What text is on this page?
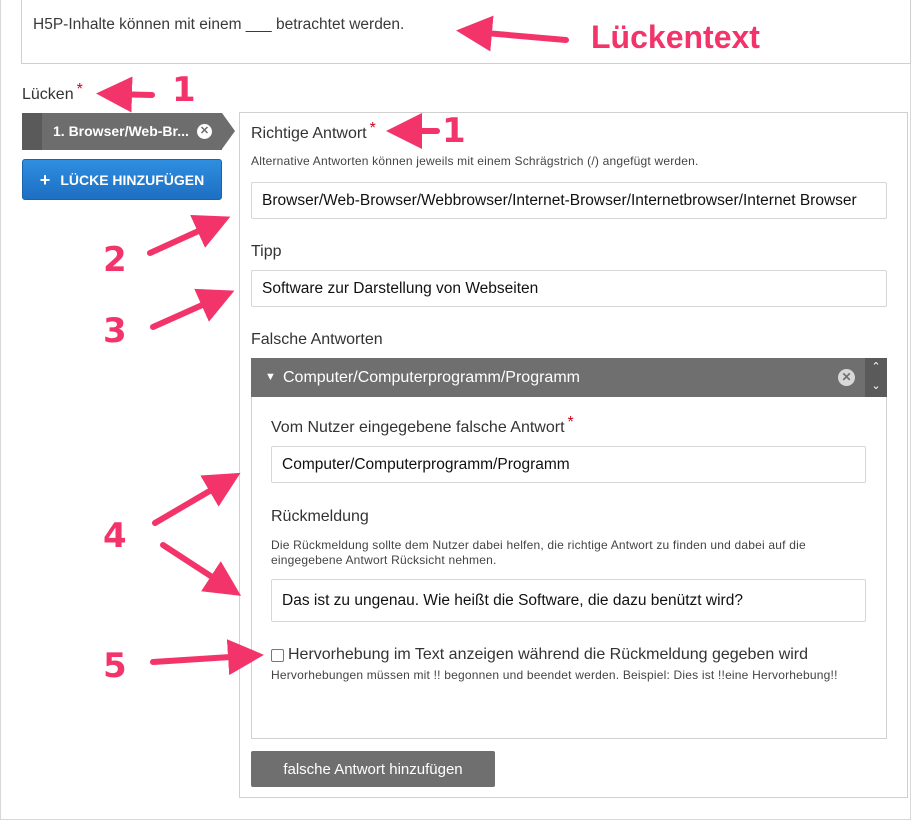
H5P-Inhalte können mit einem ___ betrachtet werden.
Lücken *
1. Browser/Web-Br... ✕
+ LÜCKE HINZUFÜGEN
Richtige Antwort *
Alternative Antworten können jeweils mit einem Schrägstrich (/) angefügt werden.
Browser/Web-Browser/Webbrowser/Internet-Browser/Internetbrowser/Internet Browser
Tipp
Software zur Darstellung von Webseiten
Falsche Antworten
▼ Computer/Computerprogramm/Programm	✕
⌃
⌄
Vom Nutzer eingegebene falsche Antwort *
Computer/Computerprogramm/Programm
Rückmeldung
Die Rückmeldung sollte dem Nutzer dabei helfen, die richtige Antwort zu finden und dabei auf die eingegebene Antwort Rücksicht nehmen.
Das ist zu ungenau. Wie heißt die Software, die dazu benützt wird?
Hervorhebung im Text anzeigen während die Rückmeldung gegeben wird
Hervorhebungen müssen mit !! begonnen und beendet werden. Beispiel: Dies ist !!eine Hervorhebung!!
falsche Antwort hinzufügen
Lückentext
1
1
2
3
4
5
